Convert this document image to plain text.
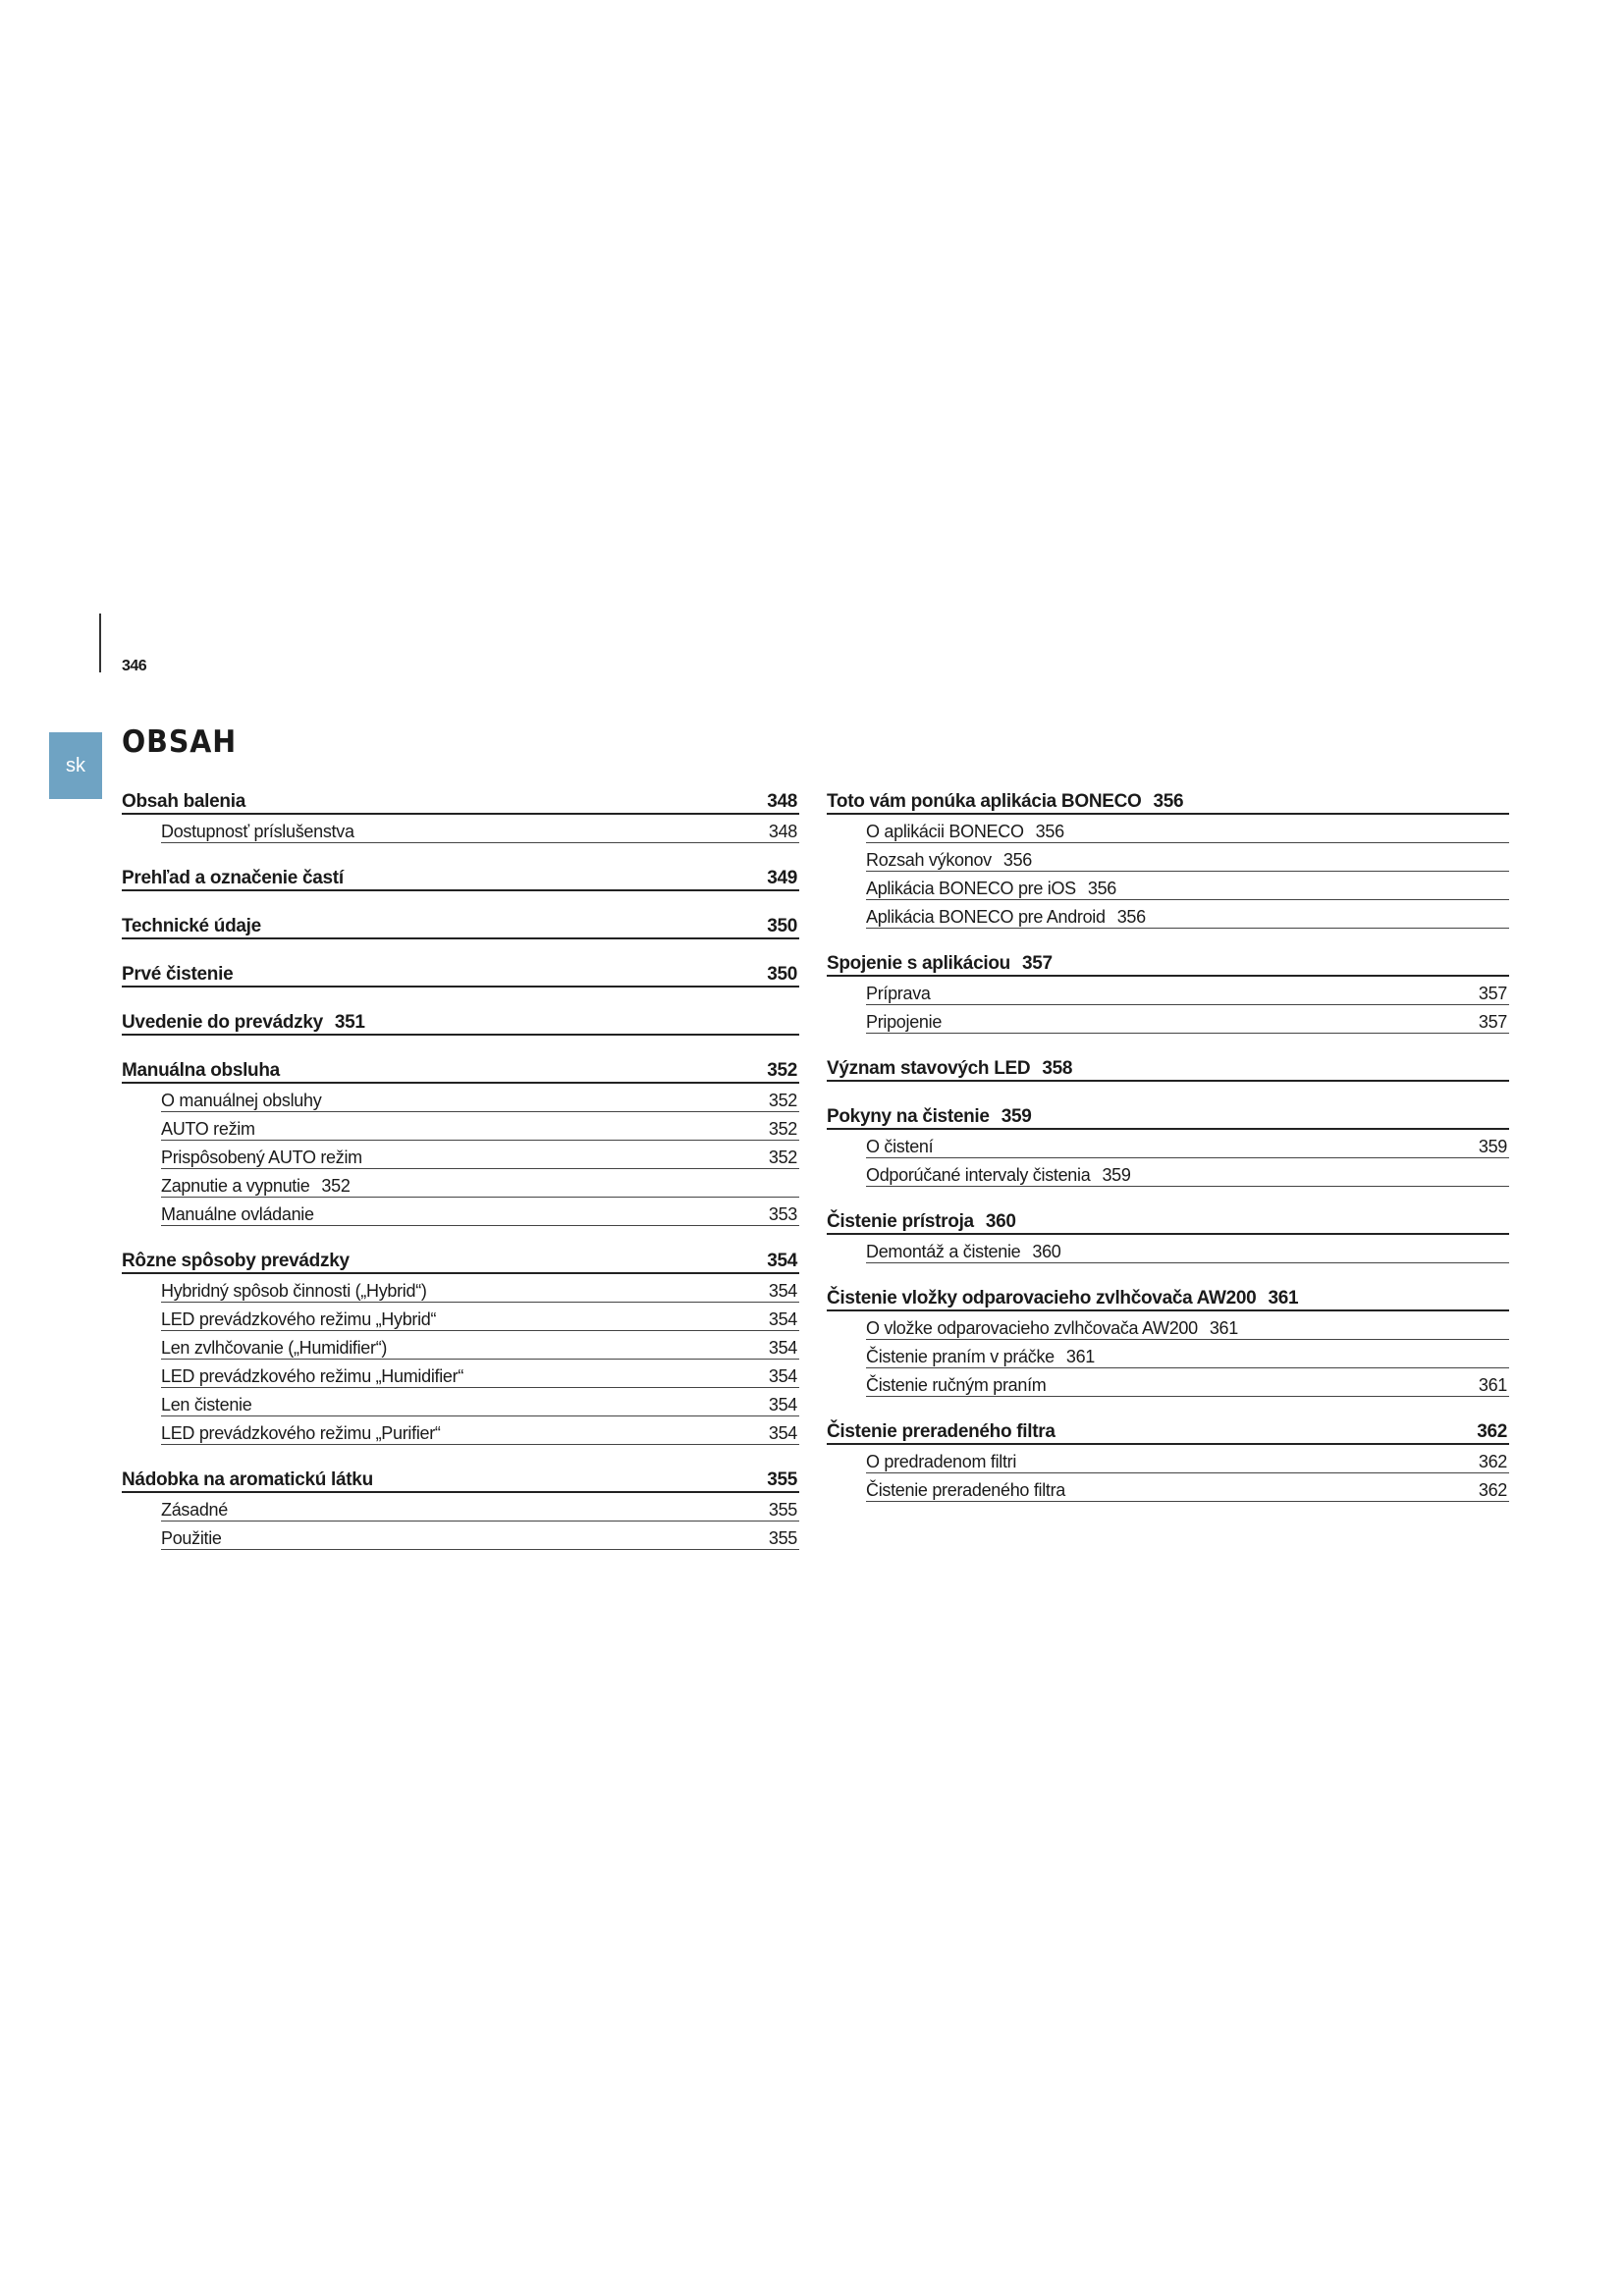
346
sk
OBSAH
Obsah balenia	348
Dostupnosť príslušenstva	348
Prehľad a označenie častí	349
Technické údaje	350
Prvé čistenie	350
Uvedenie do prevádzky 351
Manuálna obsluha	352
O manuálnej obsluhy	352
AUTO režim	352
Prispôsobený AUTO režim	352
Zapnutie a vypnutie 352
Manuálne ovládanie	353
Rôzne spôsoby prevádzky	354
Hybridný spôsob činnosti („Hybrid“)	354
LED prevádzkového režimu „Hybrid“	354
Len zvlhčovanie („Humidifier“)	354
LED prevádzkového režimu „Humidifier“	354
Len čistenie	354
LED prevádzkového režimu „Purifier“	354
Nádobka na aromatickú látku	355
Zásadné	355
Použitie	355
Toto vám ponúka aplikácia BONECO 356
O aplikácii BONECO 356
Rozsah výkonov 356
Aplikácia BONECO pre iOS 356
Aplikácia BONECO pre Android 356
Spojenie s aplikáciou 357
Príprava	357
Pripojenie	357
Význam stavových LED 358
Pokyny na čistenie 359
O čistení	359
Odporúčané intervaly čistenia 359
Čistenie prístroja 360
Demontáž a čistenie 360
Čistenie vložky odparovacieho zvlhčovača AW200 361
O vložke odparovacieho zvlhčovača AW200 361
Čistenie praním v práčke 361
Čistenie ručným praním	361
Čistenie preradeného filtra	362
O predradenom filtri	362
Čistenie preradeného filtra	362
